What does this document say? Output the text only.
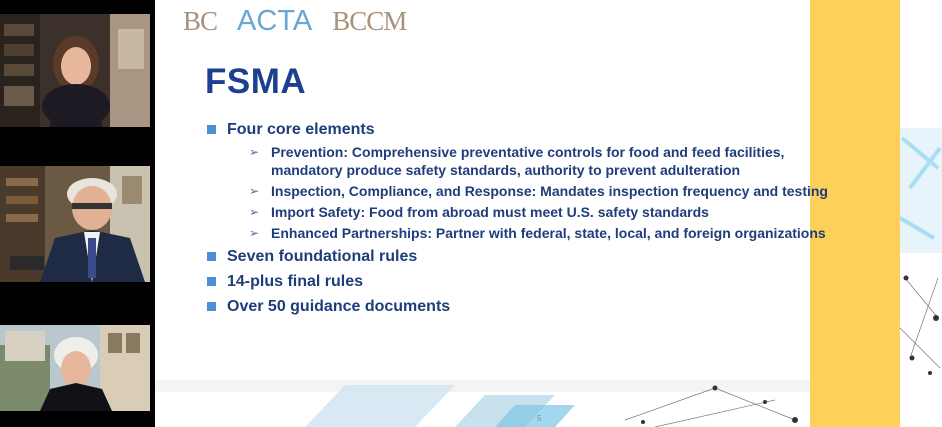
BC ACTA BCCM
FSMA
Four core elements
➢ Prevention: Comprehensive preventative controls for food and feed facilities, mandatory produce safety standards, authority to prevent adulteration
➢ Inspection, Compliance, and Response: Mandates inspection frequency and testing
➢ Import Safety: Food from abroad must meet U.S. safety standards
➢ Enhanced Partnerships: Partner with federal, state, local, and foreign organizations
Seven foundational rules
14-plus final rules
Over 50 guidance documents
5
